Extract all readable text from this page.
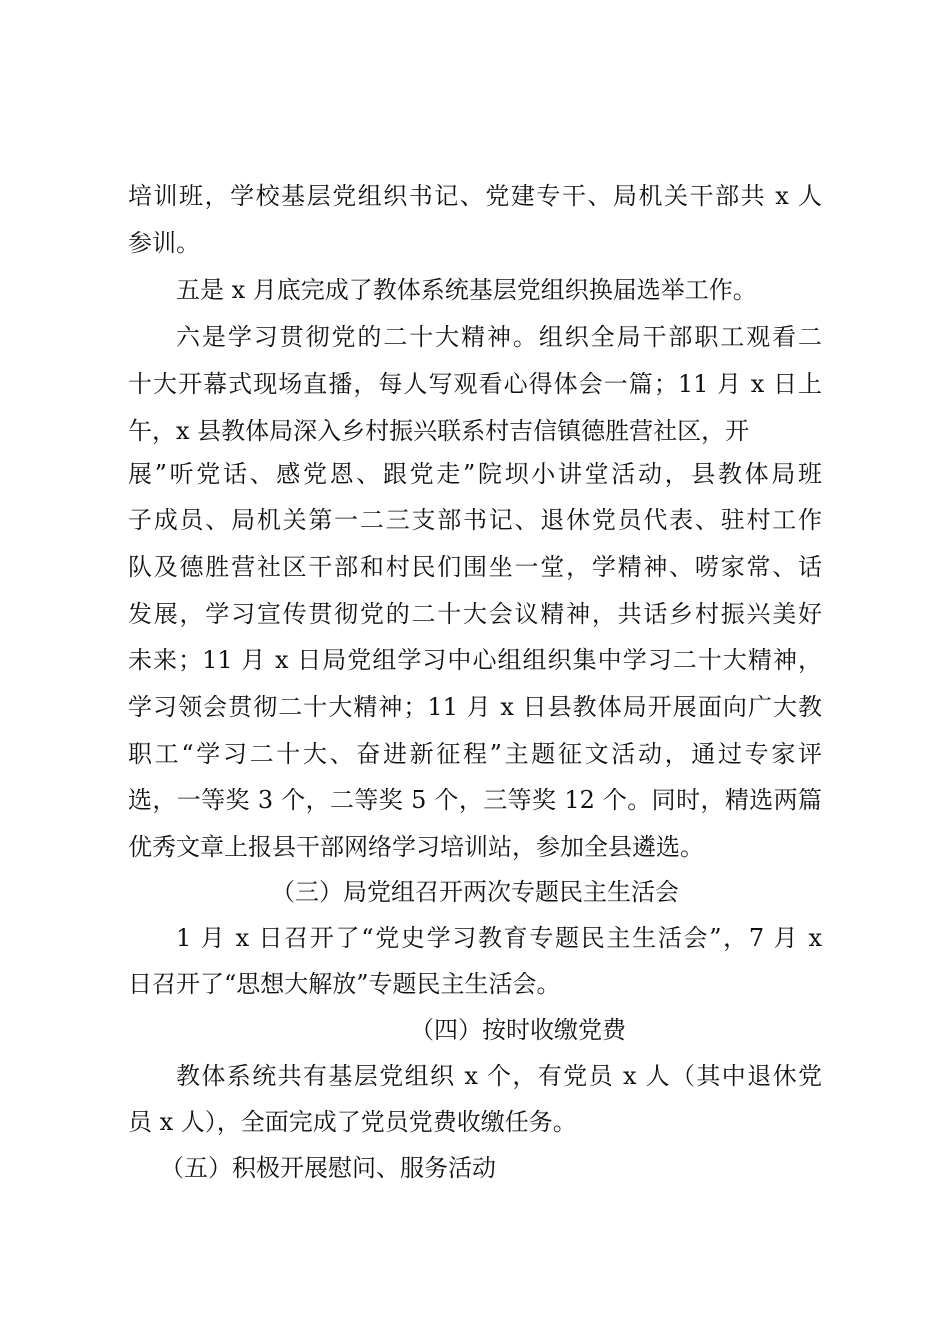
培训班，学校基层党组织书记、党建专干、局机关干部共 x 人
参训。
五是 x 月底完成了教体系统基层党组织换届选举工作。
六是学习贯彻党的二十大精神。组织全局干部职工观看二
十大开幕式现场直播，每人写观看心得体会一篇；11 月 x 日上
午，x 县教体局深入乡村振兴联系村吉信镇德胜营社区，开
展”听党话、感党恩、跟党走”院坝小讲堂活动，县教体局班
子成员、局机关第一二三支部书记、退休党员代表、驻村工作
队及德胜营社区干部和村民们围坐一堂，学精神、唠家常、话
发展，学习宣传贯彻党的二十大会议精神，共话乡村振兴美好
未来；11 月 x 日局党组学习中心组组织集中学习二十大精神，
学习领会贯彻二十大精神；11 月 x 日县教体局开展面向广大教
职工“学习二十大、奋进新征程”主题征文活动，通过专家评
选，一等奖 3 个，二等奖 5 个，三等奖 12 个。同时，精选两篇
优秀文章上报县干部网络学习培训站，参加全县遴选。
（三）局党组召开两次专题民主生活会
1 月 x 日召开了“党史学习教育专题民主生活会”，7 月 x
日召开了“思想大解放”专题民主生活会。
（四）按时收缴党费
教体系统共有基层党组织 x 个，有党员 x 人（其中退休党
员 x 人），全面完成了党员党费收缴任务。
（五）积极开展慰问、服务活动
